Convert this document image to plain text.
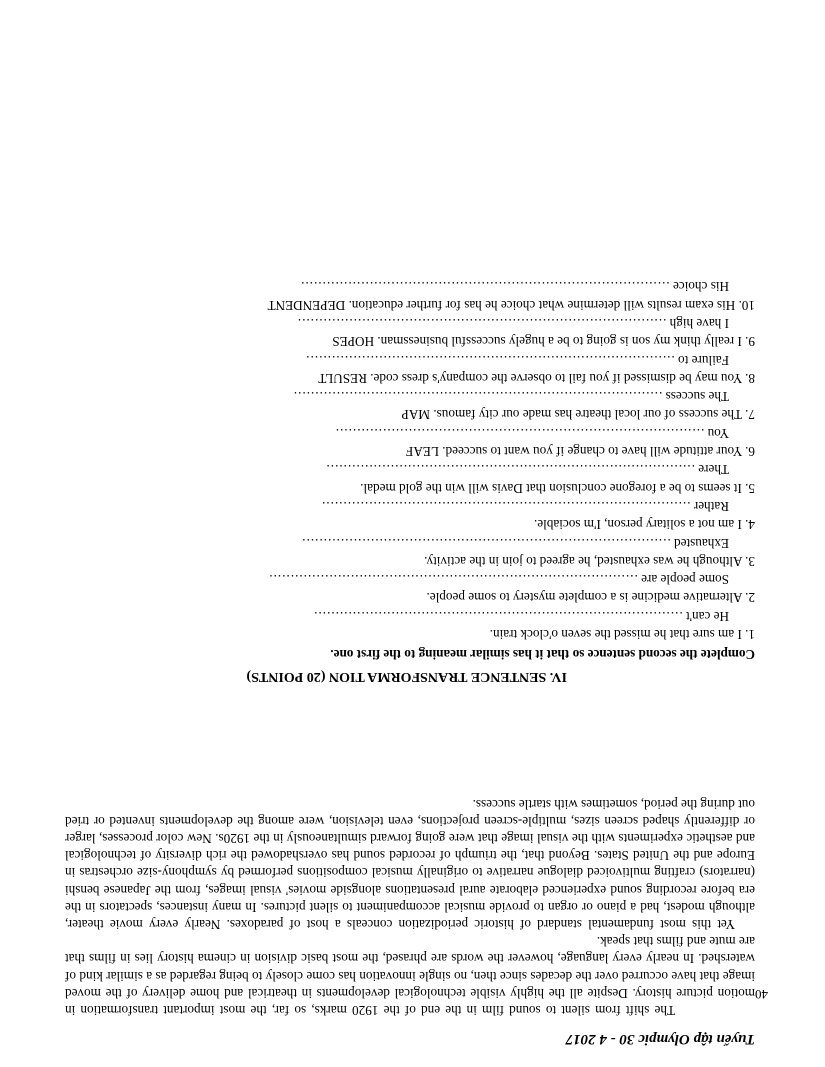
Tuyển tập Olympic 30 - 4 2017

The shift from silent to sound film in the end of the 1920 marks, so far, the most important transformation in motion picture history. Despite all the highly visible technological developments in theatrical and home delivery of the moved image that have occurred over the decades since then, no single innovation has come closely to being regarded as a similar kind of watershed. In nearly every language, however the words are phrased, the most basic division in cinema history lies in films that are mute and films that speak.

Yet this most fundamental standard of historic periodization conceals a host of paradoxes. Nearly every movie theater, although modest, had a piano or organ to provide musical accompaniment to silent pictures. In many instances, spectators in the era before recording sound experienced elaborate aural presentations alongside movies' visual images, from the Japanese benshi (narrators) crafting multivoiced dialogue narrative to originally musical compositions performed by symphony-size orchestras in Europe and the United States. Beyond that, the triumph of recorded sound has overshadowed the rich diversity of technological and aesthetic experiments with the visual image that were going forward simultaneously in the 1920s. New color processes, larger or differently shaped screen sizes, multiple-screen projections, even television, were among the developments invented or tried out during the period, sometimes with startle success.

IV. SENTENCE TRANSFORMA TION (20 POINTS)
Complete the second sentence so that it has similar meaning to the first one.
1. I am sure that he missed the seven o'clock train.
He can't ......................................................................................
2. Alternative medicine is a complete mystery to some people.
Some people are ......................................................................................
3. Although he was exhausted, he agreed to join in the activity.
Exhausted ......................................................................................
4. I am not a solitary person, I'm sociable.
Rather ......................................................................................
5. It seems to be a foregone conclusion that Davis will win the gold medal.
There ......................................................................................
6. Your attitude will have to change if you want to succeed. LEAF
You ......................................................................................
7. The success of our local theatre has made our city famous. MAP
The success ......................................................................................
8. You may be dismissed if you fail to observe the company's dress code. RESULT
Failure to ......................................................................................
9. I really think my son is going to be a hugely successful businessman. HOPES
I have high ......................................................................................
10. His exam results will determine what choice he has for further education. DEPENDENT
His choice ......................................................................................
40
